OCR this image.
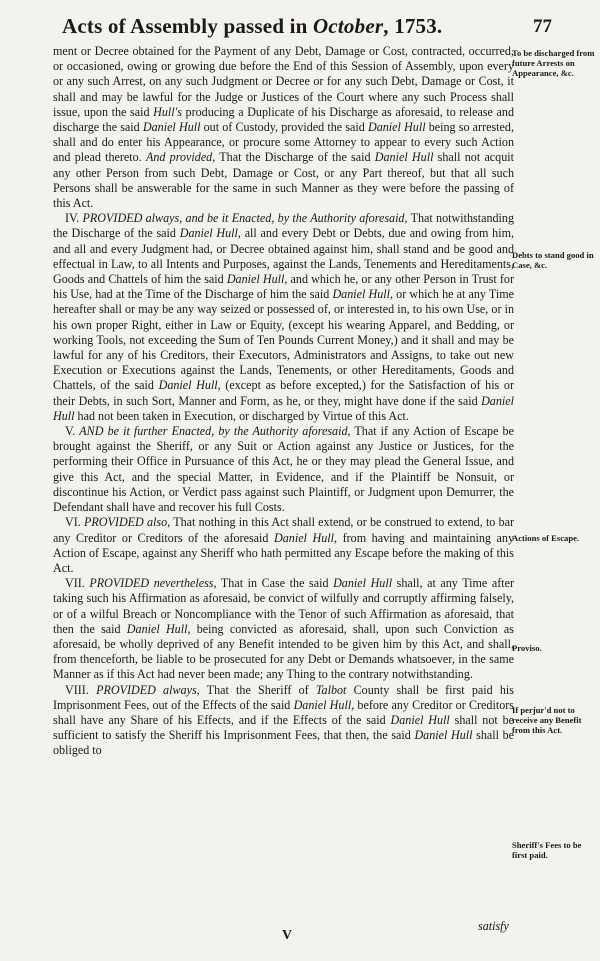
Acts of Assembly passed in October, 1753.	77

ment or Decree obtained for the Payment of any Debt, Damage or Cost, contracted, occurred, or occasioned, owing or growing due before the End of this Session of Assembly, upon every or any such Arrest, on any such Judgment or Decree or for any such Debt, Damage or Cost, it shall and may be lawful for the Judge or Justices of the Court where any such Process shall issue, upon the said Hull's producing a Duplicate of his Discharge as aforesaid, to release and discharge the said Daniel Hull out of Custody, provided the said Daniel Hull being so arrested, shall and do enter his Appearance, or procure some Attorney to appear to every such Action and plead thereto. And provided, That the Discharge of the said Daniel Hull shall not acquit any other Person from such Debt, Damage or Cost, or any Part thereof, but that all such Persons shall be answerable for the same in such Manner as they were before the passing of this Act.

IV. PROVIDED always, and be it Enacted, by the Authority aforesaid, That notwithstanding the Discharge of the said Daniel Hull, all and every Debt or Debts, due and owing from him, and all and every Judgment had, or Decree obtained against him, shall stand and be good and effectual in Law, to all Intents and Purposes, against the Lands, Tenements and Hereditaments, Goods and Chattels of him the said Daniel Hull, and which he, or any other Person in Trust for his Use, had at the Time of the Discharge of him the said Daniel Hull, or which he at any Time hereafter shall or may be any way seized or possessed of, or interested in, to his own Use, or in his own proper Right, either in Law or Equity, (except his wearing Apparel, and Bedding, or working Tools, not exceeding the Sum of Ten Pounds Current Money,) and it shall and may be lawful for any of his Creditors, their Executors, Administrators and Assigns, to take out new Execution or Executions against the Lands, Tenements, or other Hereditaments, Goods and Chattels, of the said Daniel Hull, (except as before excepted,) for the Satisfaction of his or their Debts, in such Sort, Manner and Form, as he, or they, might have done if the said Daniel Hull had not been taken in Execution, or discharged by Virtue of this Act.

V. AND be it further Enacted, by the Authority aforesaid, That if any Action of Escape be brought against the Sheriff, or any Suit or Action against any Justice or Justices, for the performing their Office in Pursuance of this Act, he or they may plead the General Issue, and give this Act, and the special Matter, in Evidence, and if the Plaintiff be Nonsuit, or discontinue his Action, or Verdict pass against such Plaintiff, or Judgment upon Demurrer, the Defendant shall have and recover his full Costs.

VI. PROVIDED also, That nothing in this Act shall extend, or be construed to extend, to bar any Creditor or Creditors of the aforesaid Daniel Hull, from having and maintaining any Action of Escape, against any Sheriff who hath permitted any Escape before the making of this Act.

VII. PROVIDED nevertheless, That in Case the said Daniel Hull shall, at any Time after taking such his Affirmation as aforesaid, be convict of wilfully and corruptly affirming falsely, or of a wilful Breach or Noncompliance with the Tenor of such Affirmation as aforesaid, that then the said Daniel Hull, being convicted as aforesaid, shall, upon such Conviction as aforesaid, be wholly deprived of any Benefit intended to be given him by this Act, and shall, from thenceforth, be liable to be prosecuted for any Debt or Demands whatsoever, in the same Manner as if this Act had never been made; any Thing to the contrary notwithstanding.

VIII. PROVIDED always, That the Sheriff of Talbot County shall be first paid his Imprisonment Fees, out of the Effects of the said Daniel Hull, before any Creditor or Creditors shall have any Share of his Effects, and if the Effects of the said Daniel Hull shall not be sufficient to satisfy the Sheriff his Imprisonment Fees, that then, the said Daniel Hull shall be obliged to

To be discharged from future Arrests on Appearance, &c.
Debts to stand good in Case, &c.
Actions of Escape.
Proviso.
If perjur'd not to receive any Benefit from this Act.
Sheriff's Fees to be first paid.
V
satisfy
